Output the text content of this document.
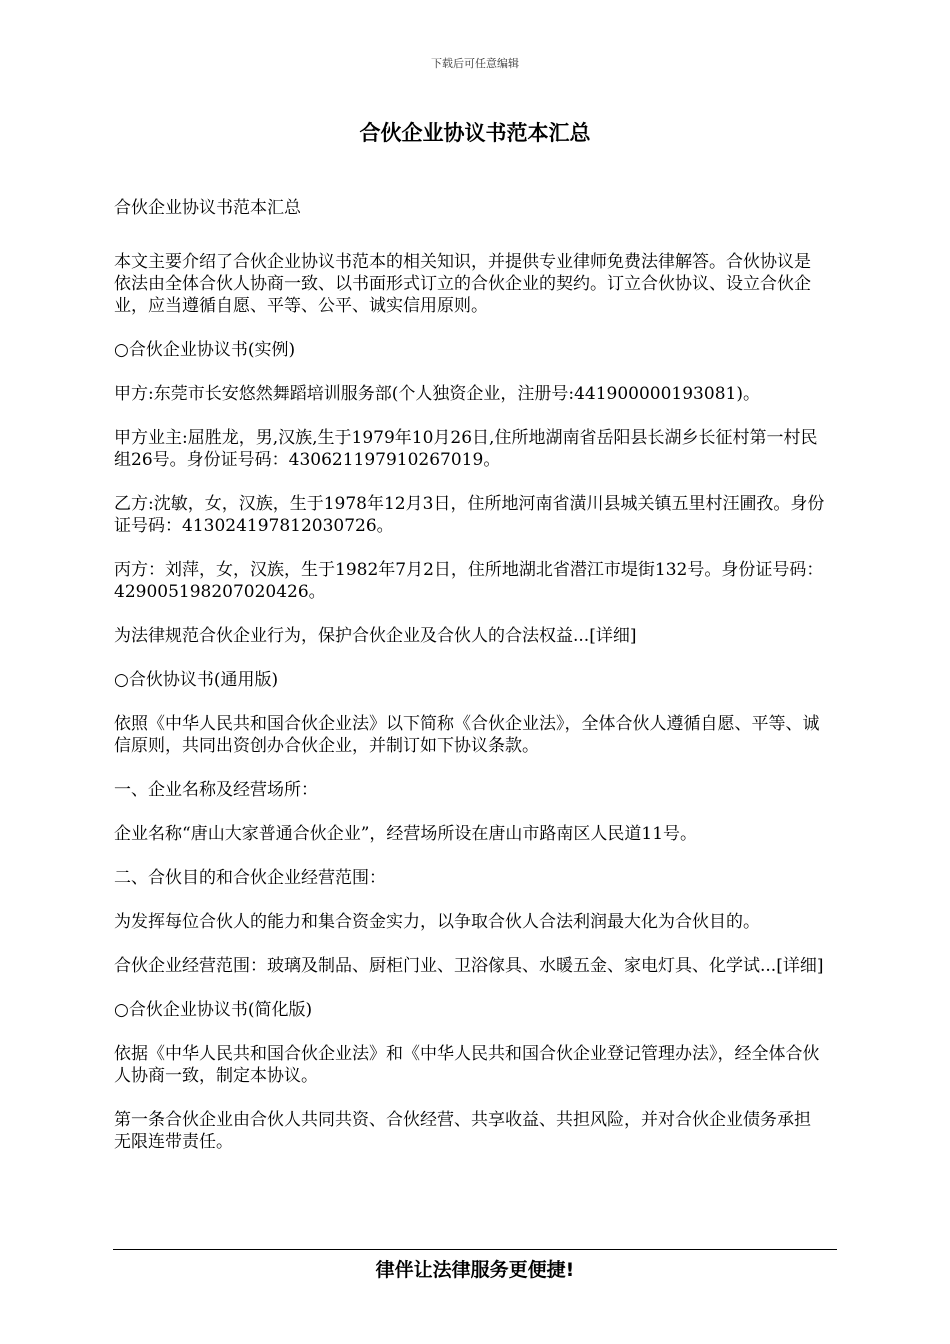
下载后可任意编辑
合伙企业协议书范本汇总

合伙企业协议书范本汇总

本文主要介绍了合伙企业协议书范本的相关知识，并提供专业律师免费法律解答。合伙协议是依法由全体合伙人协商一致、以书面形式订立的合伙企业的契约。订立合伙协议、设立合伙企业，应当遵循自愿、平等、公平、诚实信用原则。

○合伙企业协议书(实例)

甲方:东莞市长安悠然舞蹈培训服务部(个人独资企业，注册号:441900000193081)。

甲方业主:屈胜龙，男,汉族,生于1979年10月26日,住所地湖南省岳阳县长湖乡长征村第一村民组26号。身份证号码：430621197910267019。

乙方:沈敏，女，汉族，生于1978年12月3日，住所地河南省潢川县城关镇五里村汪圃孜。身份证号码：413024197812030726。

丙方：刘萍，女，汉族，生于1982年7月2日，住所地湖北省潜江市堤街132号。身份证号码：429005198207020426。

为法律规范合伙企业行为，保护合伙企业及合伙人的合法权益...[详细]

○合伙协议书(通用版)

依照《中华人民共和国合伙企业法》以下简称《合伙企业法》，全体合伙人遵循自愿、平等、诚信原则，共同出资创办合伙企业，并制订如下协议条款。

一、企业名称及经营场所：

企业名称“唐山大家普通合伙企业”，经营场所设在唐山市路南区人民道11号。

二、合伙目的和合伙企业经营范围：

为发挥每位合伙人的能力和集合资金实力，以争取合伙人合法利润最大化为合伙目的。

合伙企业经营范围：玻璃及制品、厨柜门业、卫浴傢具、水暖五金、家电灯具、化学试...[详细]

○合伙企业协议书(简化版)

依据《中华人民共和国合伙企业法》和《中华人民共和国合伙企业登记管理办法》，经全体合伙人协商一致，制定本协议。

第一条合伙企业由合伙人共同共资、合伙经营、共享收益、共担风险，并对合伙企业债务承担无限连带责任。

律伴让法律服务更便捷!
